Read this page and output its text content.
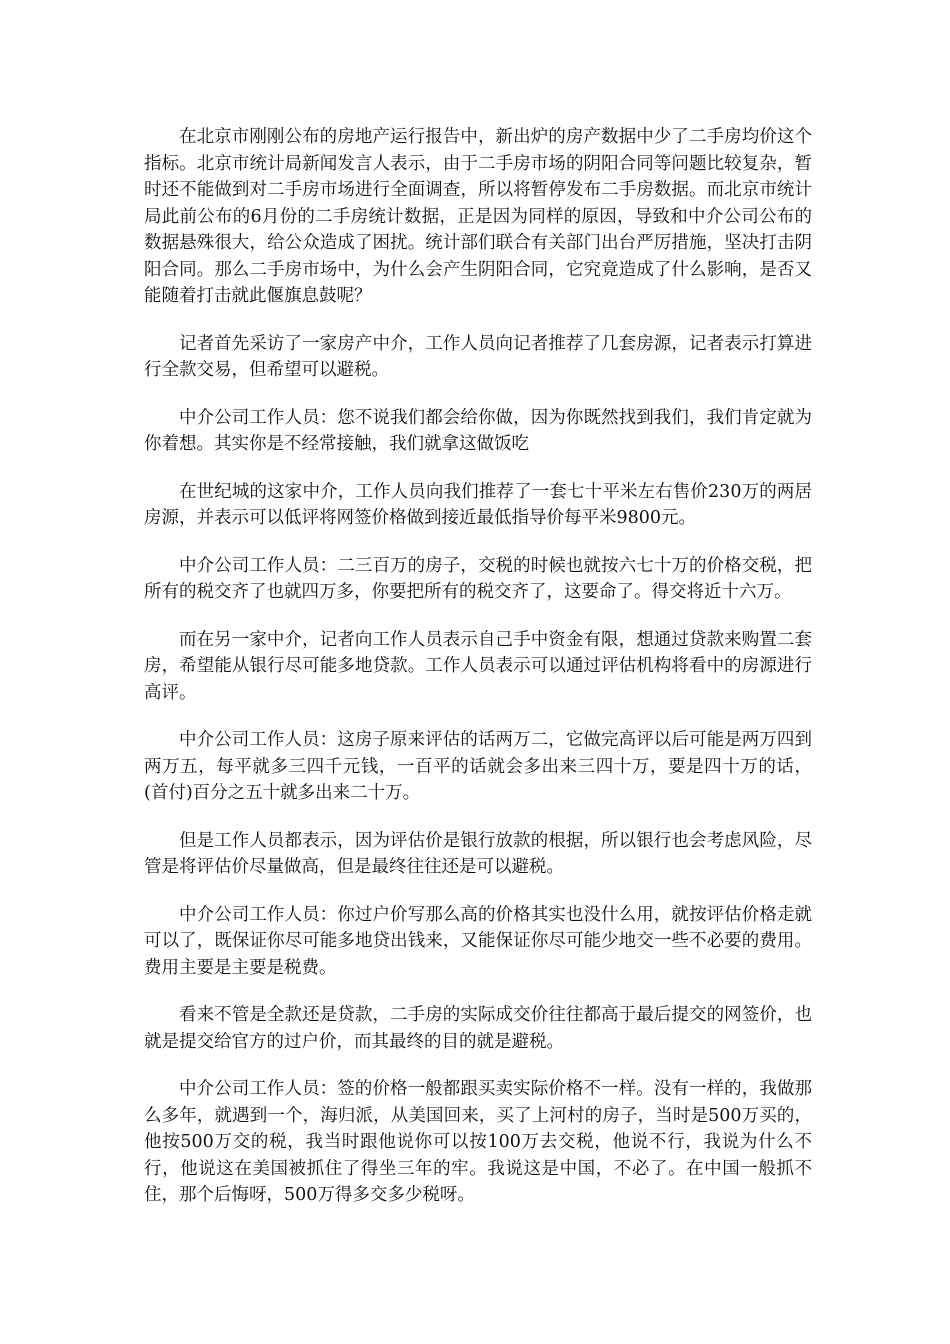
在北京市刚刚公布的房地产运行报告中，新出炉的房产数据中少了二手房均价这个指标。北京市统计局新闻发言人表示，由于二手房市场的阴阳合同等问题比较复杂，暂时还不能做到对二手房市场进行全面调查，所以将暂停发布二手房数据。而北京市统计局此前公布的6月份的二手房统计数据，正是因为同样的原因，导致和中介公司公布的数据悬殊很大，给公众造成了困扰。统计部们联合有关部门出台严厉措施，坚决打击阴阳合同。那么二手房市场中，为什么会产生阴阳合同，它究竟造成了什么影响，是否又能随着打击就此偃旗息鼓呢？

记者首先采访了一家房产中介，工作人员向记者推荐了几套房源，记者表示打算进行全款交易，但希望可以避税。

中介公司工作人员：您不说我们都会给你做，因为你既然找到我们，我们肯定就为你着想。其实你是不经常接触，我们就拿这做饭吃

在世纪城的这家中介，工作人员向我们推荐了一套七十平米左右售价230万的两居房源，并表示可以低评将网签价格做到接近最低指导价每平米9800元。

中介公司工作人员：二三百万的房子，交税的时候也就按六七十万的价格交税，把所有的税交齐了也就四万多，你要把所有的税交齐了，这要命了。得交将近十六万。

而在另一家中介，记者向工作人员表示自己手中资金有限，想通过贷款来购置二套房，希望能从银行尽可能多地贷款。工作人员表示可以通过评估机构将看中的房源进行高评。

中介公司工作人员：这房子原来评估的话两万二，它做完高评以后可能是两万四到两万五，每平就多三四千元钱，一百平的话就会多出来三四十万，要是四十万的话，(首付)百分之五十就多出来二十万。

但是工作人员都表示，因为评估价是银行放款的根据，所以银行也会考虑风险，尽管是将评估价尽量做高，但是最终往往还是可以避税。

中介公司工作人员：你过户价写那么高的价格其实也没什么用，就按评估价格走就可以了，既保证你尽可能多地贷出钱来，又能保证你尽可能少地交一些不必要的费用。费用主要是主要是税费。

看来不管是全款还是贷款，二手房的实际成交价往往都高于最后提交的网签价，也就是提交给官方的过户价，而其最终的目的就是避税。

中介公司工作人员：签的价格一般都跟买卖实际价格不一样。没有一样的，我做那么多年，就遇到一个，海归派，从美国回来，买了上河村的房子，当时是500万买的，他按500万交的税，我当时跟他说你可以按100万去交税，他说不行，我说为什么不行，他说这在美国被抓住了得坐三年的牢。我说这是中国，不必了。在中国一般抓不住，那个后悔呀，500万得多交多少税呀。
